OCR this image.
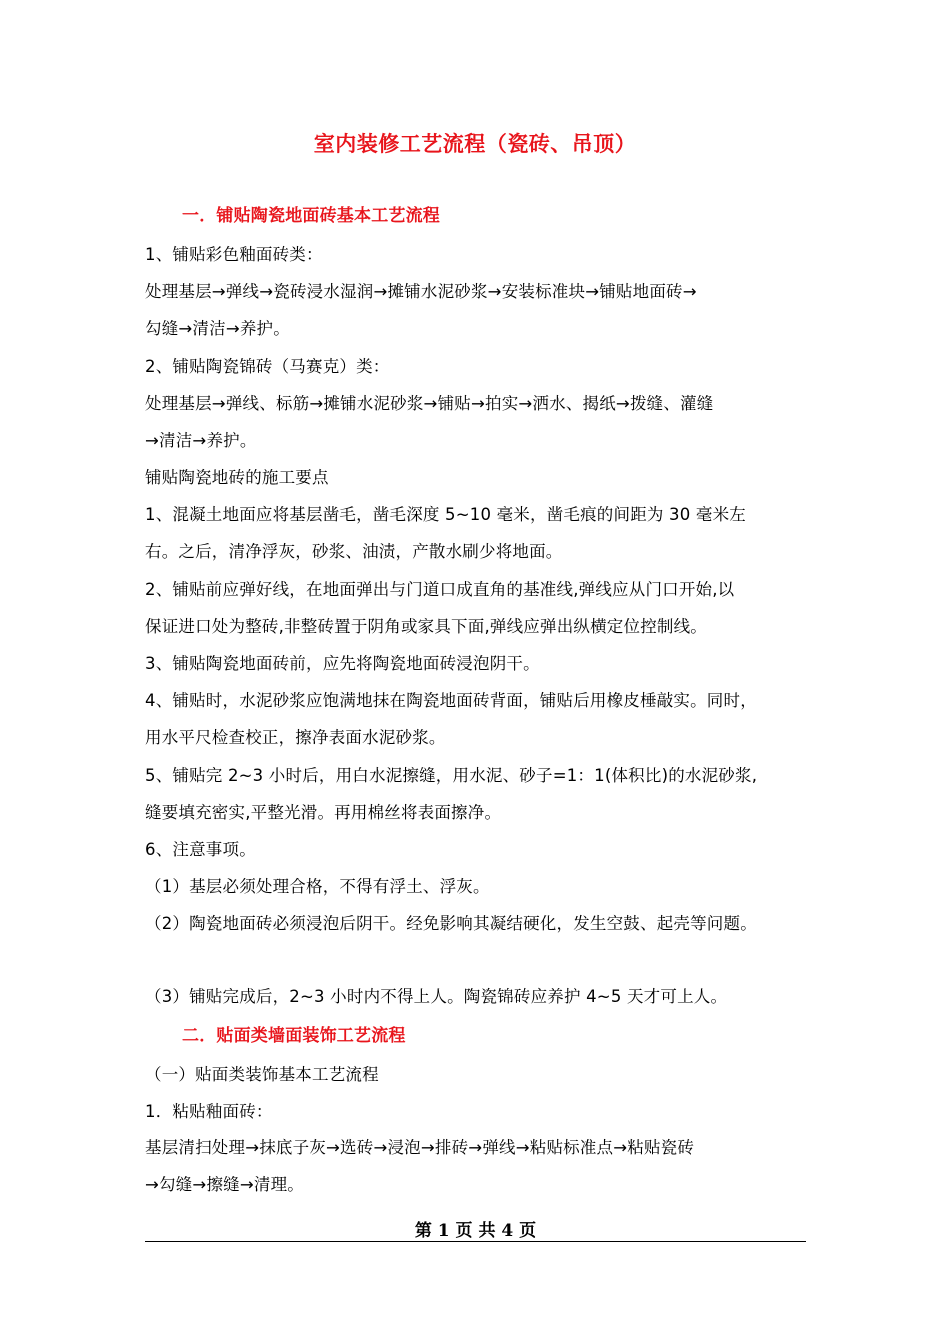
室内装修工艺流程（瓷砖、吊顶）
一．铺贴陶瓷地面砖基本工艺流程
1、铺贴彩色釉面砖类：
处理基层→弹线→瓷砖浸水湿润→摊铺水泥砂浆→安装标准块→铺贴地面砖→
勾缝→清洁→养护。
2、铺贴陶瓷锦砖（马赛克）类：
处理基层→弹线、标筋→摊铺水泥砂浆→铺贴→拍实→洒水、揭纸→拨缝、灌缝
→清洁→养护。
铺贴陶瓷地砖的施工要点
1、混凝土地面应将基层凿毛，凿毛深度 5~10 毫米，凿毛痕的间距为 30 毫米左
右。之后，清净浮灰，砂浆、油渍，产散水刷少将地面。
2、铺贴前应弹好线，在地面弹出与门道口成直角的基准线,弹线应从门口开始,以
保证进口处为整砖,非整砖置于阴角或家具下面,弹线应弹出纵横定位控制线。
3、铺贴陶瓷地面砖前，应先将陶瓷地面砖浸泡阴干。
4、铺贴时，水泥砂浆应饱满地抹在陶瓷地面砖背面，铺贴后用橡皮棰敲实。同时，
用水平尺检查校正，擦净表面水泥砂浆。
5、铺贴完 2~3 小时后，用白水泥擦缝，用水泥、砂子=1：1(体积比)的水泥砂浆,
缝要填充密实,平整光滑。再用棉丝将表面擦净。
6、注意事项。
（1）基层必须处理合格，不得有浮土、浮灰。
（2）陶瓷地面砖必须浸泡后阴干。经免影响其凝结硬化，发生空鼓、起壳等问题。
（3）铺贴完成后，2~3 小时内不得上人。陶瓷锦砖应养护 4~5 天才可上人。
二．贴面类墙面装饰工艺流程
（一）贴面类装饰基本工艺流程
1．粘贴釉面砖：
基层清扫处理→抹底子灰→选砖→浸泡→排砖→弹线→粘贴标准点→粘贴瓷砖
→勾缝→擦缝→清理。
第 1 页 共 4 页
